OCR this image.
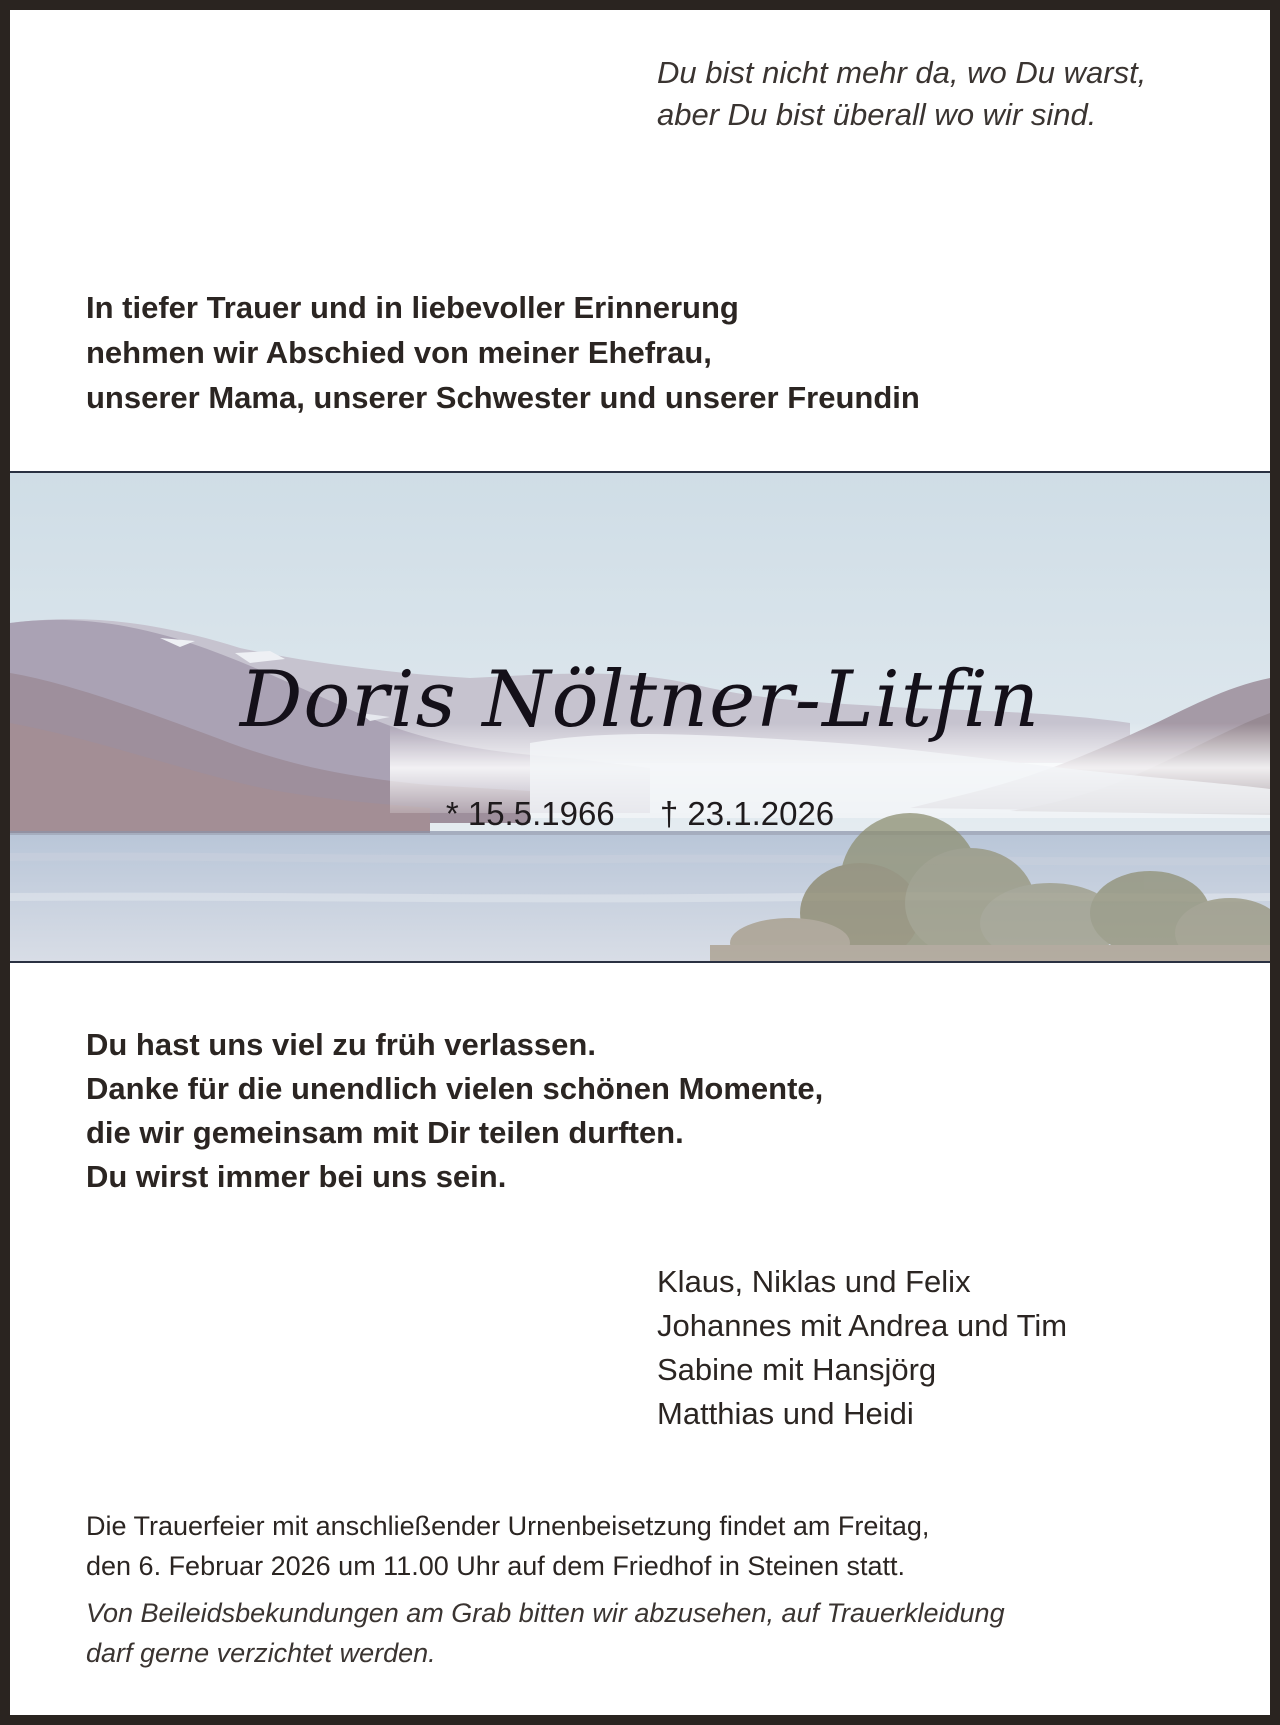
Du bist nicht mehr da, wo Du warst,
aber Du bist überall wo wir sind.
In tiefer Trauer und in liebevoller Erinnerung
nehmen wir Abschied von meiner Ehefrau,
unserer Mama, unserer Schwester und unserer Freundin
Doris Nöltner-Litfin
* 15.5.1966 † 23.1.2026
Du hast uns viel zu früh verlassen.
Danke für die unendlich vielen schönen Momente,
die wir gemeinsam mit Dir teilen durften.
Du wirst immer bei uns sein.
Klaus, Niklas und Felix
Johannes mit Andrea und Tim
Sabine mit Hansjörg
Matthias und Heidi
Die Trauerfeier mit anschließender Urnenbeisetzung findet am Freitag,
den 6. Februar 2026 um 11.00 Uhr auf dem Friedhof in Steinen statt.
Von Beileidsbekundungen am Grab bitten wir abzusehen, auf Trauerkleidung
darf gerne verzichtet werden.
